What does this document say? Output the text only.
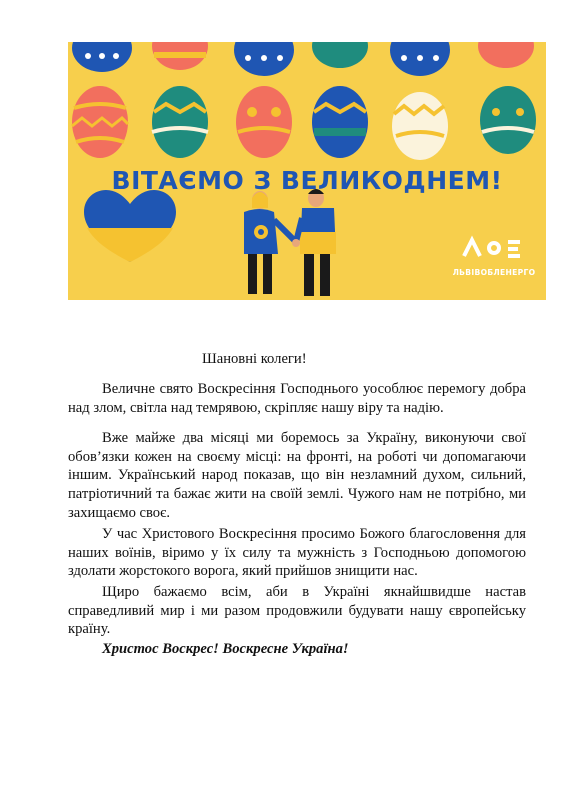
ВІТАЄМО З ВЕЛИКОДНЕМ!
ЛЬВІВОБЛЕНЕРГО
Шановні колеги!

Величне свято Воскресіння Господнього уособлює перемогу добра над злом, світла над темрявою, скріпляє нашу віру та надію.

Вже майже два місяці ми боремось за Україну, виконуючи свої обов’язки кожен на своєму місці: на фронті, на роботі чи допомагаючи іншим. Український народ показав, що він незламний духом, сильний, патріотичний та бажає жити на своїй землі. Чужого нам не потрібно, ми захищаємо своє.

У час Христового Воскресіння просимо Божого благословення для наших воїнів, віримо у їх силу та мужність з Господньою допомогою здолати жорстокого ворога, який прийшов знищити нас.

Щиро бажаємо всім, аби в Україні якнайшвидше настав справедливий мир і ми разом продовжили будувати нашу європейську країну.

Христос Воскрес! Воскресне Україна!
